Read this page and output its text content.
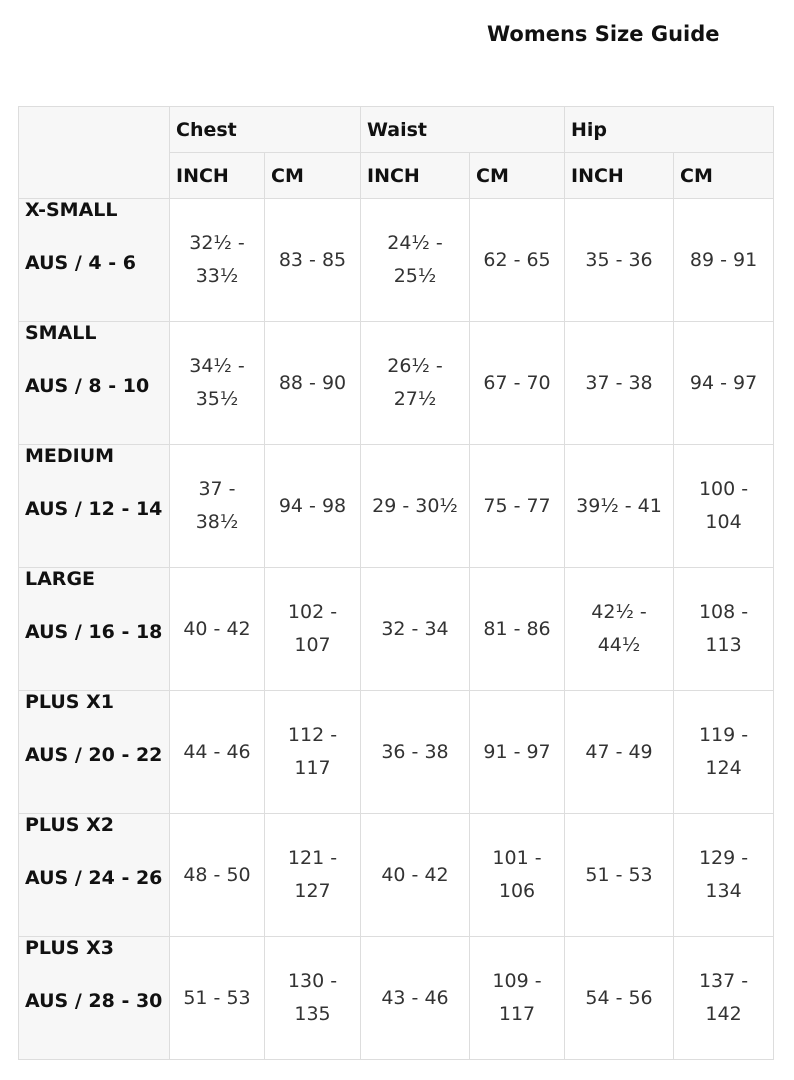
Womens Size Guide
	Chest		Waist		Hip	
	INCH	CM	INCH	CM	INCH	CM

X-SMALL
AUS / 4 - 6	32½ - 33½	83 - 85	24½ - 25½	62 - 65	35 - 36	89 - 91

SMALL
AUS / 8 - 10	34½ - 35½	88 - 90	26½ - 27½	67 - 70	37 - 38	94 - 97

MEDIUM
AUS / 12 - 14	37 - 38½	94 - 98	29 - 30½	75 - 77	39½ - 41	100 - 104

LARGE
AUS / 16 - 18	40 - 42	102 - 107	32 - 34	81 - 86	42½ - 44½	108 - 113

PLUS X1
AUS / 20 - 22	44 - 46	112 - 117	36 - 38	91 - 97	47 - 49	119 - 124

PLUS X2
AUS / 24 - 26	48 - 50	121 - 127	40 - 42	101 - 106	51 - 53	129 - 134

PLUS X3
AUS / 28 - 30	51 - 53	130 - 135	43 - 46	109 - 117	54 - 56	137 - 142
